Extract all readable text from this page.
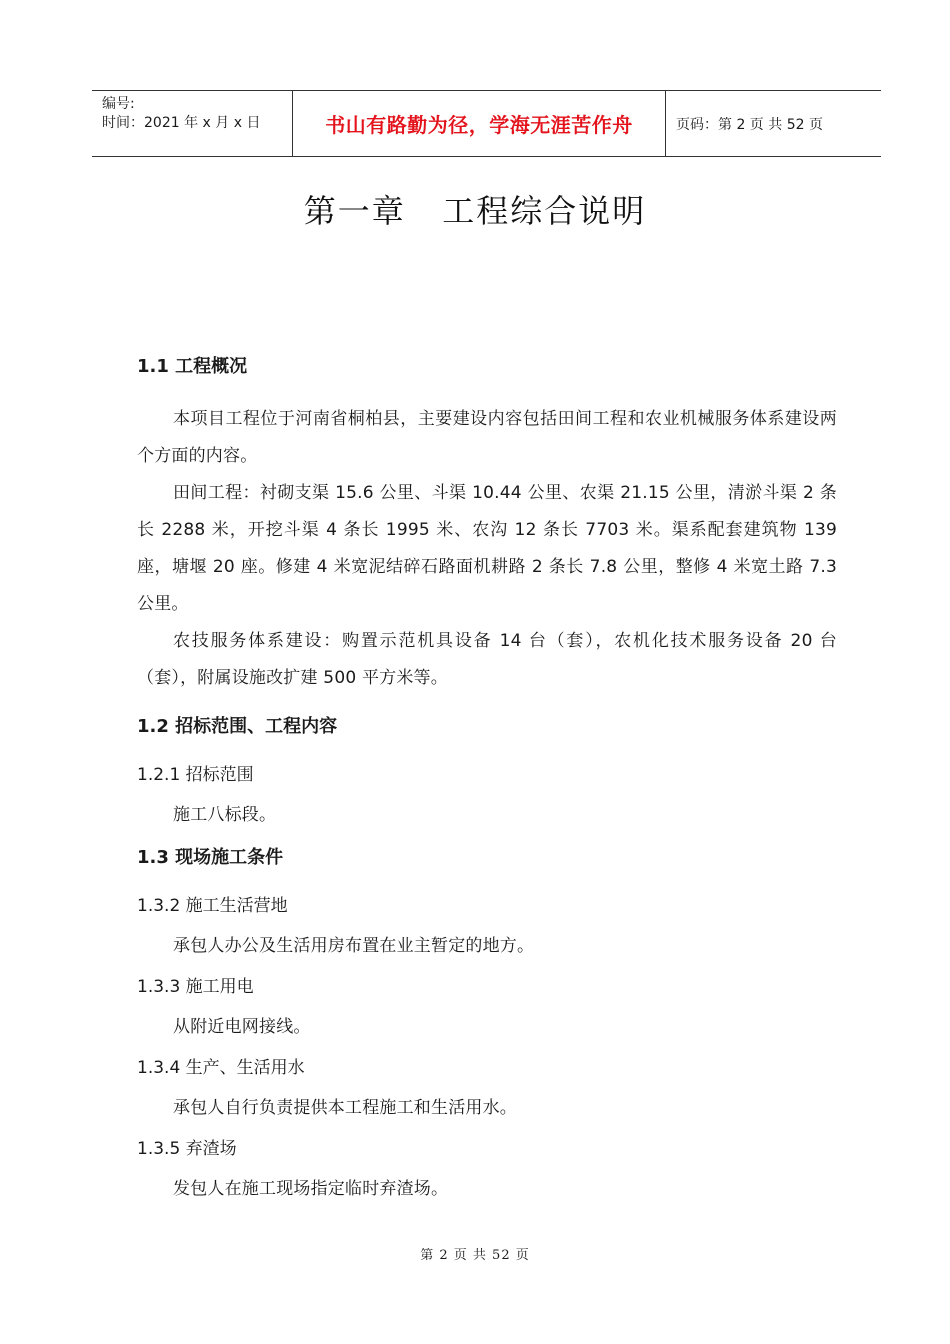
编号:
时间：2021 年 x 月 x 日	书山有路勤为径，学海无涯苦作舟	页码：第 2 页 共 52 页
第一章   工程综合说明

1.1 工程概况

本项目工程位于河南省桐柏县，主要建设内容包括田间工程和农业机械服务体系建设两个方面的内容。

田间工程：衬砌支渠 15.6 公里、斗渠 10.44 公里、农渠 21.15 公里，清淤斗渠 2 条长 2288 米，开挖斗渠 4 条长 1995 米、农沟 12 条长 7703 米。渠系配套建筑物 139 座，塘堰 20 座。修建 4 米宽泥结碎石路面机耕路 2 条长 7.8 公里，整修 4 米宽土路 7.3 公里。

农技服务体系建设：购置示范机具设备 14 台（套），农机化技术服务设备 20 台（套），附属设施改扩建 500 平方米等。

1.2 招标范围、工程内容

1.2.1 招标范围

施工八标段。

1.3 现场施工条件

1.3.2 施工生活营地

承包人办公及生活用房布置在业主暂定的地方。

1.3.3 施工用电

从附近电网接线。

1.3.4 生产、生活用水

承包人自行负责提供本工程施工和生活用水。

1.3.5 弃渣场

发包人在施工现场指定临时弃渣场。

第 2 页 共 52 页
